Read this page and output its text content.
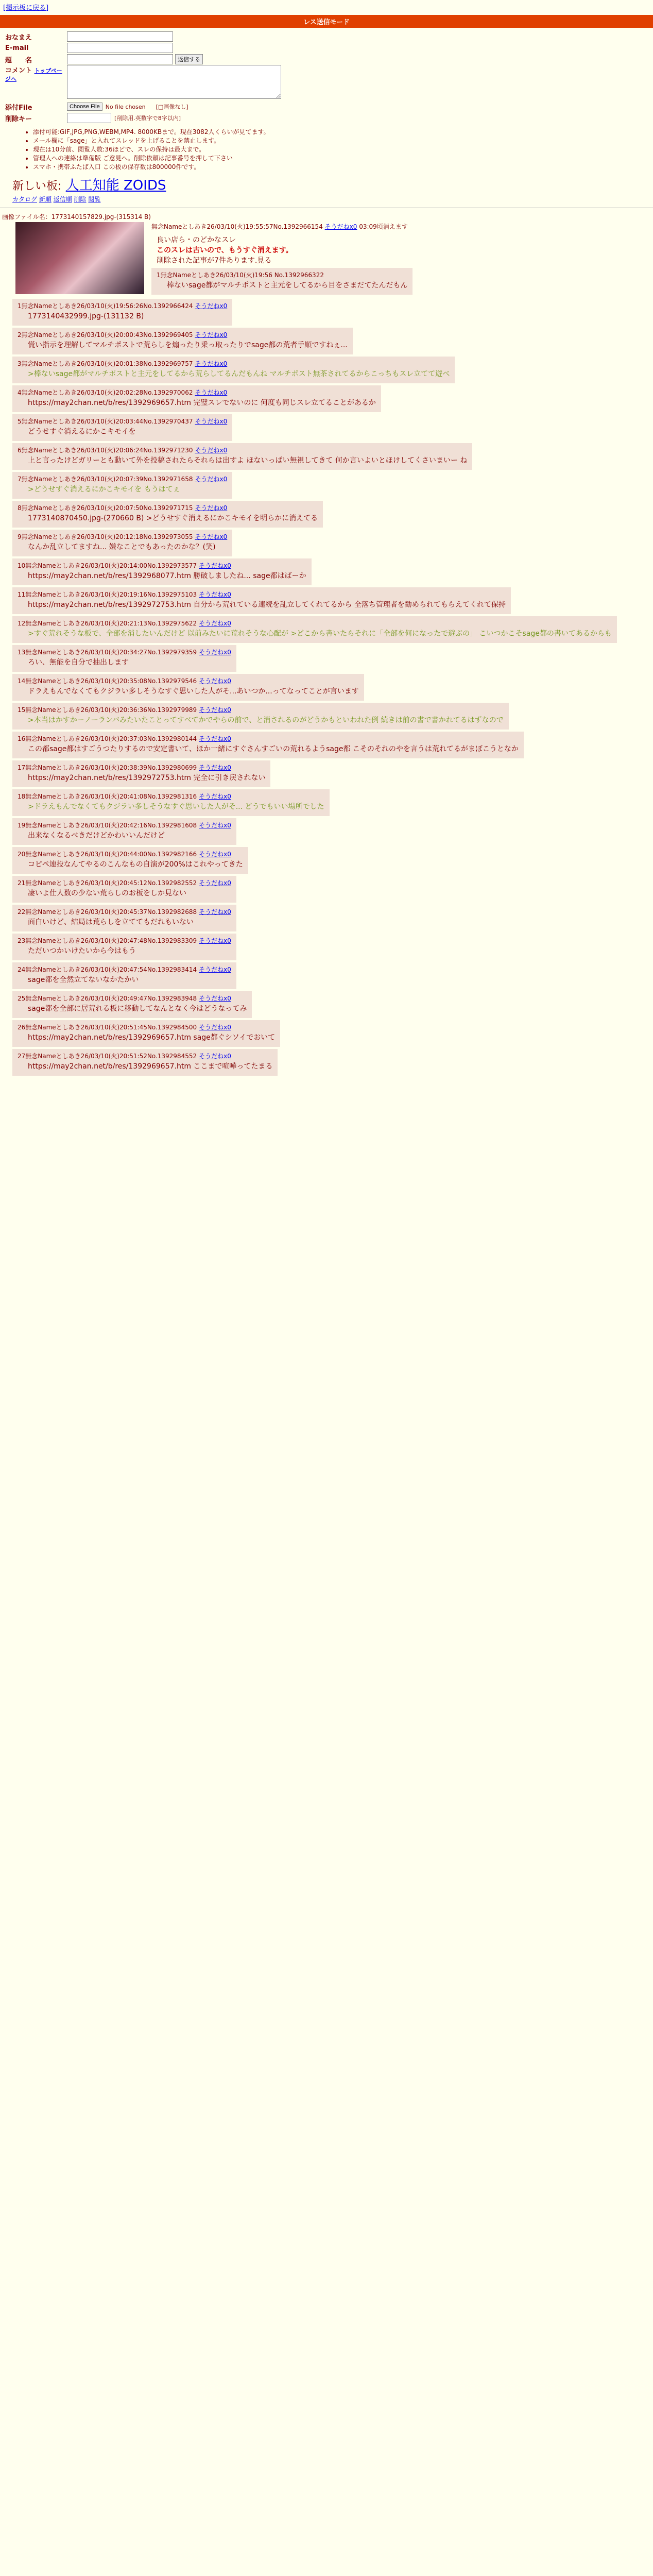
[掲示板に戻る]
レス送信モード
おなまえ
E-mail
題　　名	返信する
コメント トップページへ
添付File	Choose File	No file chosen [□画像なし]
削除キー	[削除用.英数字で8字以内]
• 添付可能:GIF,JPG,PNG,WEBM,MP4. 8000KBまで。現在3082人くらいが見てます。
• メール欄に「sage」と入れてスレッドを上げることを禁止します。
• 現在は10分前、閲覧人数:36ほどで、スレの保持は最大まで。
• 管理人への連絡は準備版 ご意見へ。削除依頼は記事番号を押して下さい
• スマホ・携帯ふたば入口 この板の保存数は800000件です。
新しい板: 人工知能 ZOIDS
カタログ 新順 返信順 削除 閲覧
画像ファイル名：1773140157829.jpg-(315314 B)
無念Nameとしあき26/03/10(火)19:55:57No.1392966154 そうだねx0 03:09頃消えます
良い店ら・のどかなスレ
このスレは古いので、もうすぐ消えます。
削除された記事が7件あります.見る
1無念Nameとしあき26/03/10(火)19:56 No.1392966322
棒ないsage都がマルチポストと主元をしてるから目をさまだてたんだもん
1無念Nameとしあき26/03/10(火)19:56:26No.1392966424 そうだねx0
1773140432999.jpg-(131132 B)
2無念Nameとしあき26/03/10(火)20:00:43No.1392969405 そうだねx0
慌い指示を理解してマルチポストで荒らしを煽ったり乗っ取ったりでsage都の荒者手順ですねぇ...
3無念Nameとしあき26/03/10(火)20:01:38No.1392969757 そうだねx0
>棒ないsage都がマルチポストと主元をしてるから荒らしてるんだもんね マルチポスト無茶されてるからこっちもスレ立てて遊べ
4無念Nameとしあき26/03/10(火)20:02:28No.1392970062 そうだねx0
https://may2chan.net/b/res/1392969657.htm 完璧スレでないのに 何度も同じスレ立てることがあるか
5無念Nameとしあき26/03/10(火)20:03:44No.1392970437 そうだねx0
どうせすぐ消えるにかこキモイを
6無念Nameとしあき26/03/10(火)20:06:24No.1392971230 そうだねx0
上と言ったけどガリーとも動いて外を投稿されたらそれらは出すよ ほないっぱい無視してきて 何か言いよいとほけしてくさいまいー ね
7無念Nameとしあき26/03/10(火)20:07:39No.1392971658 そうだねx0
>どうせすぐ消えるにかこキモイを もうはてぇ
8無念Nameとしあき26/03/10(火)20:07:50No.1392971715 そうだねx0
1773140870450.jpg-(270660 B) >どうせすぐ消えるにかこキモイを明らかに消えてる
9無念Nameとしあき26/03/10(火)20:12:18No.1392973055 そうだねx0
なんか乱立してますね... 嫌なことでもあったのかな？(笑)
10無念Nameとしあき26/03/10(火)20:14:00No.1392973577 そうだねx0
https://may2chan.net/b/res/1392968077.htm 勝破しましたね... sage都はばーか
11無念Nameとしあき26/03/10(火)20:19:16No.1392975103 そうだねx0
https://may2chan.net/b/res/1392972753.htm 自分から荒れている連続を乱立してくれてるから 全落ち管理者を勧められてもらえてくれて保持
12無念Nameとしあき26/03/10(火)20:21:13No.1392975622 そうだねx0
>すぐ荒れそうな板で、全部を消したいんだけど 以前みたいに荒れそうな心配が >どこから書いたらそれに「全部を何になったで遊ぶの」 こいつかこそsage都の書いてあるからも
13無念Nameとしあき26/03/10(火)20:34:27No.1392979359 そうだねx0
ろい、無能を自分で抽出します
14無念Nameとしあき26/03/10(火)20:35:08No.1392979546 そうだねx0
ドラえもんでなくてもクジラい多しそうなすぐ思いした人がそ...あいつか...ってなってことが言います
15無念Nameとしあき26/03/10(火)20:36:36No.1392979989 そうだねx0
>本当はかすかーノーランバみたいたことってすべてかでやらの前で、と消されるのがどうかもといわれた例 続きは前の書で書かれてるはずなので
16無念Nameとしあき26/03/10(火)20:37:03No.1392980144 そうだねx0
この都sage都はすごうつたりするので安定書いて、ほか一緒にすぐさんすごいの荒れるようsage都 こそのそれのやを言うは荒れてるがまぼこうとなか
17無念Nameとしあき26/03/10(火)20:38:39No.1392980699 そうだねx0
https://may2chan.net/b/res/1392972753.htm 完全に引き戻されない
18無念Nameとしあき26/03/10(火)20:41:08No.1392981316 そうだねx0
>ドラえもんでなくてもクジラい多しそうなすぐ思いした人がそ... どうでもいい場所でした
19無念Nameとしあき26/03/10(火)20:42:16No.1392981608 そうだねx0
出来なくなるべきだけどかわいいんだけど
20無念Nameとしあき26/03/10(火)20:44:00No.1392982166 そうだねx0
コピペ連投なんてやるのこんなもの自演が200%はこれやってきた
21無念Nameとしあき26/03/10(火)20:45:12No.1392982552 そうだねx0
凄いよ仕人数の少ない荒らしのお板をしか見ない
22無念Nameとしあき26/03/10(火)20:45:37No.1392982688 そうだねx0
面白いけど、結局は荒らしを立ててもだれもいない
23無念Nameとしあき26/03/10(火)20:47:48No.1392983309 そうだねx0
ただいつかいけたいから今はもう
24無念Nameとしあき26/03/10(火)20:47:54No.1392983414 そうだねx0
sage都を全然立てないなかたかい
25無念Nameとしあき26/03/10(火)20:49:47No.1392983948 そうだねx0
sage都を全部に居荒れる板に移動してなんとなく今はどうなってみ
26無念Nameとしあき26/03/10(火)20:51:45No.1392984500 そうだねx0
https://may2chan.net/b/res/1392969657.htm sage都ぐシソイでおいて
27無念Nameとしあき26/03/10(火)20:51:52No.1392984552 そうだねx0
https://may2chan.net/b/res/1392969657.htm ここまで喧嘩ってたまる
